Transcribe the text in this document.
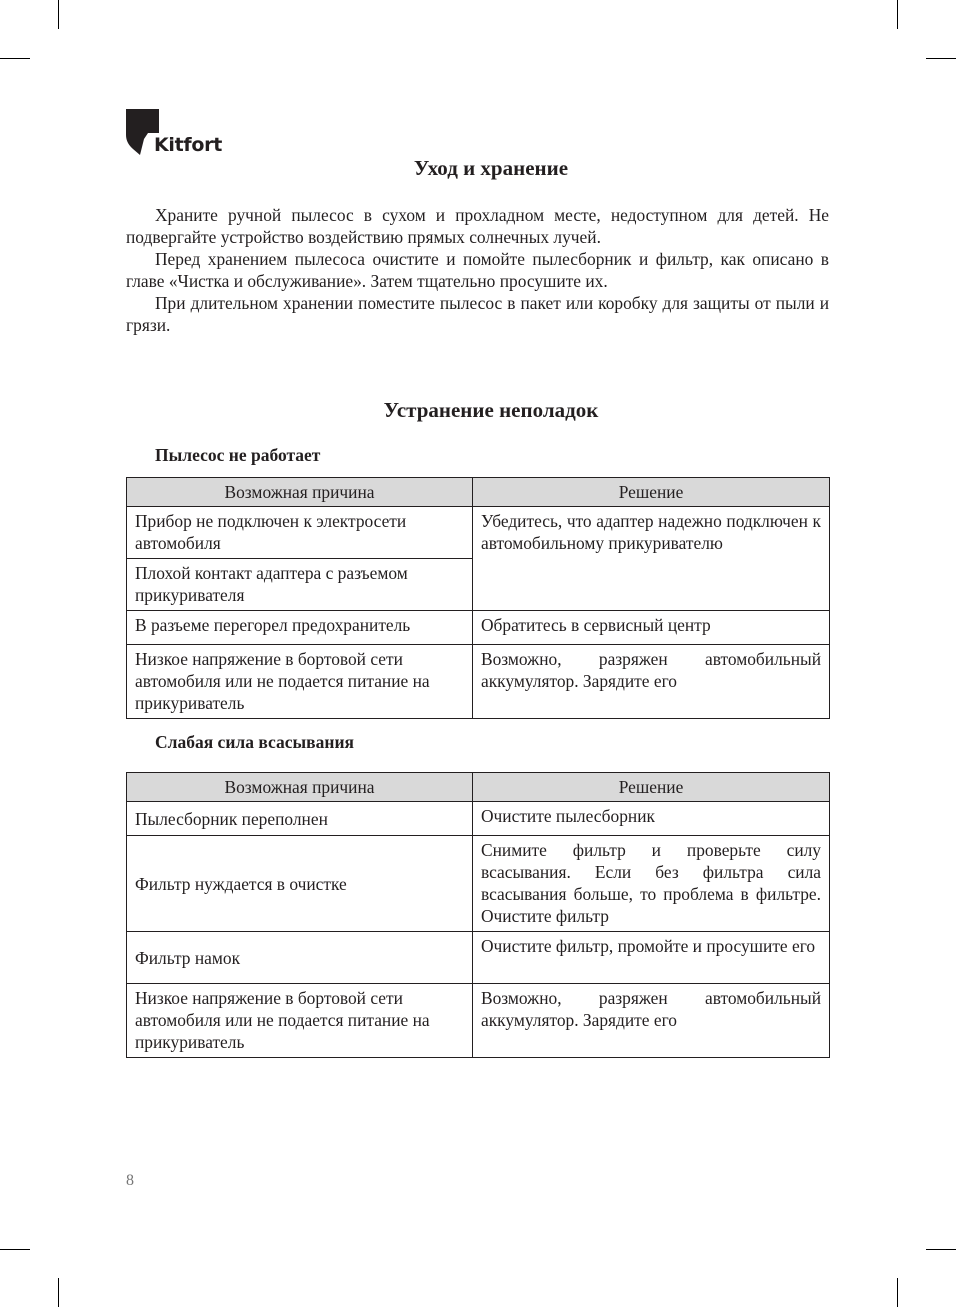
Kitfort
Уход и хранение

Храните ручной пылесос в сухом и прохладном месте, недоступном для детей. Не подвергайте устройство воздействию прямых солнечных лучей.

Перед хранением пылесоса очистите и помойте пылесборник и фильтр, как описано в главе «Чистка и обслуживание». Затем тщательно просушите их.

При длительном хранении поместите пылесос в пакет или коробку для защиты от пыли и грязи.

Устранение неполадок
Пылесос не работает
Возможная причина	Решение
Прибор не подключен к электросети автомобиля	Убедитесь, что адаптер надежно подключен к автомобильному прикуривателю
Плохой контакт адаптера с разъемом прикуривателя	
В разъеме перегорел предохранитель	Обратитесь в сервисный центр
Низкое напряжение в бортовой сети автомобиля или не подается питание на прикуриватель	Возможно, разряжен автомобильный аккумулятор. Зарядите его
Слабая сила всасывания
Возможная причина	Решение
Пылесборник переполнен	Очистите пылесборник
Фильтр нуждается в очистке	Снимите фильтр и проверьте силу всасывания. Если без фильтра сила всасывания больше, то проблема в фильтре. Очистите фильтр
Фильтр намок	Очистите фильтр, промойте и просушите его
Низкое напряжение в бортовой сети автомобиля или не подается питание на прикуриватель	Возможно, разряжен автомобильный аккумулятор. Зарядите его
8
